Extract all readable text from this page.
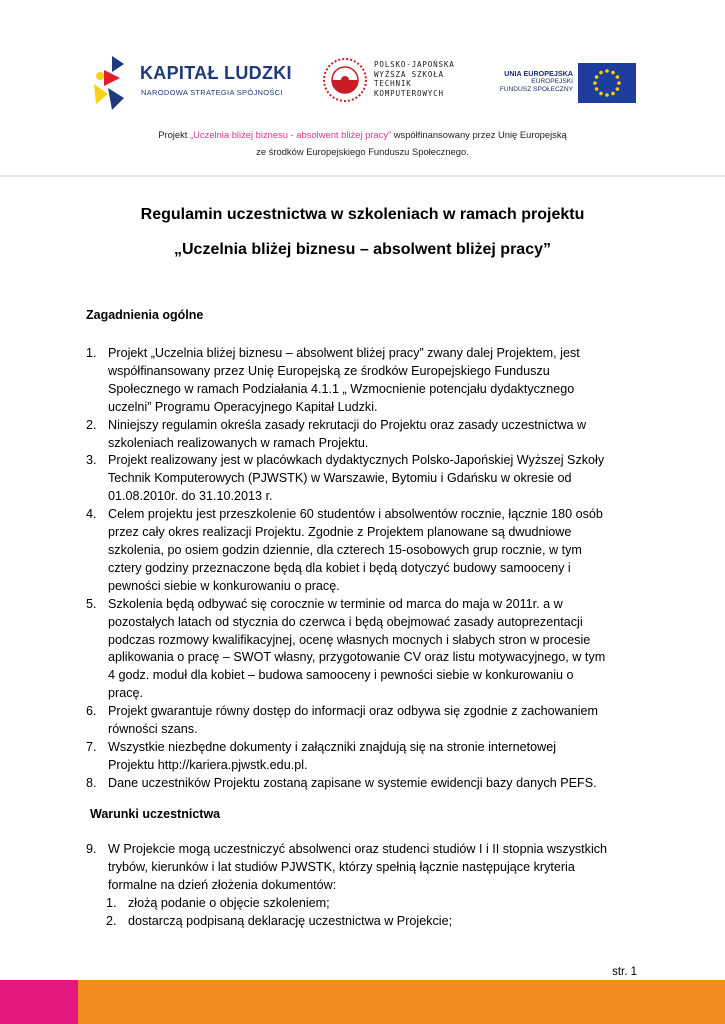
KAPITAŁ LUDZKI
NARODOWA STRATEGIA SPÓJNOŚCI
POLSKO-JAPOŃSKA
WYŻSZA SZKOŁA
TECHNIK
KOMPUTEROWYCH
UNIA EUROPEJSKA
EUROPEJSKI
FUNDUSZ SPOŁECZNY
Projekt „Uczelnia bliżej biznesu - absolwent bliżej pracy” współfinansowany przez Unię Europejską
ze środków Europejskiego Funduszu Społecznego.
Regulamin uczestnictwa w szkoleniach w ramach projektu
„Uczelnia bliżej biznesu – absolwent bliżej pracy”
Zagadnienia ogólne
1. Projekt „Uczelnia bliżej biznesu – absolwent bliżej pracy” zwany dalej Projektem, jest
współfinansowany przez Unię Europejską ze środków Europejskiego Funduszu
Społecznego w ramach Podziałania 4.1.1 „ Wzmocnienie potencjału dydaktycznego
uczelni” Programu Operacyjnego Kapitał Ludzki.
2. Niniejszy regulamin określa zasady rekrutacji do Projektu oraz zasady uczestnictwa w
szkoleniach realizowanych w ramach Projektu.
3. Projekt realizowany jest w placówkach dydaktycznych Polsko-Japońskiej Wyższej Szkoły
Technik Komputerowych (PJWSTK) w Warszawie, Bytomiu i Gdańsku w okresie od
01.08.2010r. do 31.10.2013 r.
4. Celem projektu jest przeszkolenie 60 studentów i absolwentów rocznie, łącznie 180 osób
przez cały okres realizacji Projektu. Zgodnie z Projektem planowane są dwudniowe
szkolenia, po osiem godzin dziennie, dla czterech 15-osobowych grup rocznie, w tym
cztery godziny przeznaczone będą dla kobiet i będą dotyczyć budowy samooceny i
pewności siebie w konkurowaniu o pracę.
5. Szkolenia będą odbywać się corocznie w terminie od marca do maja w 2011r. a w
pozostałych latach od stycznia do czerwca i będą obejmować zasady autoprezentacji
podczas rozmowy kwalifikacyjnej, ocenę własnych mocnych i słabych stron w procesie
aplikowania o pracę – SWOT własny, przygotowanie CV oraz listu motywacyjnego, w tym
4 godz. moduł dla kobiet – budowa samooceny i pewności siebie w konkurowaniu o
pracę.
6. Projekt gwarantuje równy dostęp do informacji oraz odbywa się zgodnie z zachowaniem
równości szans.
7. Wszystkie niezbędne dokumenty i załączniki znajdują się na stronie internetowej
Projektu http://kariera.pjwstk.edu.pl.
8. Dane uczestników Projektu zostaną zapisane w systemie ewidencji bazy danych PEFS.
Warunki uczestnictwa
9. W Projekcie mogą uczestniczyć absolwenci oraz studenci studiów I i II stopnia wszystkich
trybów, kierunków i lat studiów PJWSTK, którzy spełnią łącznie następujące kryteria
formalne na dzień złożenia dokumentów:
1. złożą podanie o objęcie szkoleniem;
2. dostarczą podpisaną deklarację uczestnictwa w Projekcie;
str. 1
